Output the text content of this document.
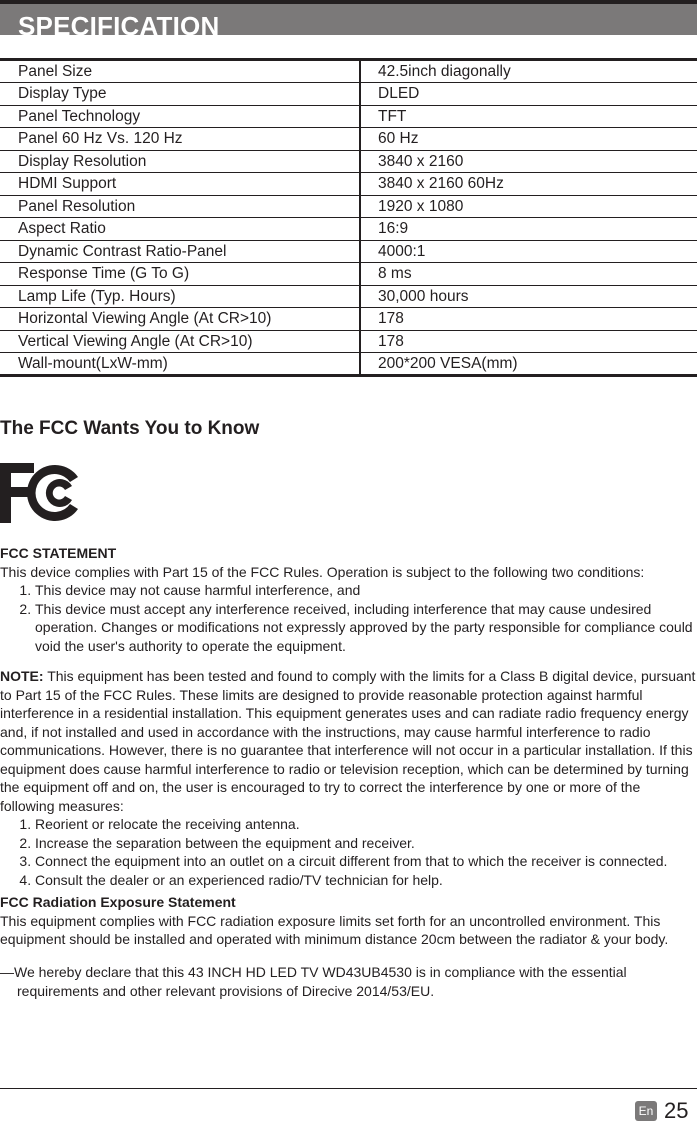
SPECIFICATION
Panel Size	42.5inch diagonally
Display Type	DLED
Panel Technology	TFT
Panel 60 Hz Vs. 120 Hz	60 Hz
Display Resolution	3840 x 2160
HDMI Support	3840 x 2160 60Hz
Panel Resolution	1920 x 1080
Aspect Ratio	16:9
Dynamic Contrast Ratio-Panel	4000:1
Response Time (G To G)	8 ms
Lamp Life (Typ. Hours)	30,000 hours
Horizontal Viewing Angle (At CR>10)	178
Vertical Viewing Angle (At CR>10)	178
Wall-mount(LxW-mm)	200*200 VESA(mm)
The FCC Wants You to Know
FCC STATEMENT

This device complies with Part 15 of the FCC Rules. Operation is subject to the following two conditions:

1. This device may not cause harmful interference, and
2. This device must accept any interference received, including interference that may cause undesired operation. Changes or modifications not expressly approved by the party responsible for compliance could void the user's authority to operate the equipment.

NOTE: This equipment has been tested and found to comply with the limits for a Class B digital device, pursuant to Part 15 of the FCC Rules. These limits are designed to provide reasonable protection against harmful interference in a residential installation. This equipment generates uses and can radiate radio frequency energy and, if not installed and used in accordance with the instructions, may cause harmful interference to radio communications. However, there is no guarantee that interference will not occur in a particular installation. If this equipment does cause harmful interference to radio or television reception, which can be determined by turning the equipment off and on, the user is encouraged to try to correct the interference by one or more of the following measures:

1. Reorient or relocate the receiving antenna.
2. Increase the separation between the equipment and receiver.
3. Connect the equipment into an outlet on a circuit different from that to which the receiver is connected.
4. Consult the dealer or an experienced radio/TV technician for help.
FCC Radiation Exposure Statement

This equipment complies with FCC radiation exposure limits set forth for an uncontrolled environment. This equipment should be installed and operated with minimum distance 20cm between the radiator & your body.

—We hereby declare that this 43 INCH HD LED TV WD43UB4530 is in compliance with the essential
requirements and other relevant provisions of Direcive 2014/53/EU.
En 25
